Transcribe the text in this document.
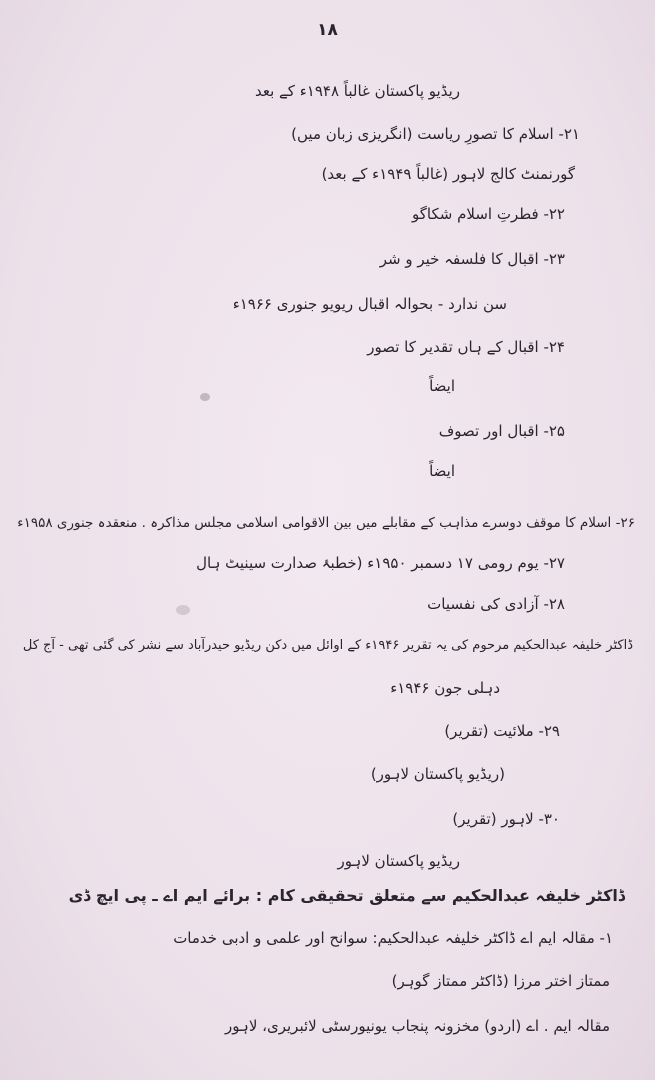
۱۸
ریڈیو پاکستان غالباً ۱۹۴۸ء کے بعد
۲۱- اسلام کا تصورِ ریاست (انگریزی زبان میں)
گورنمنٹ کالج لاہور (غالباً ۱۹۴۹ء کے بعد)
۲۲- فطرتِ اسلام شکاگو
۲۳- اقبال کا فلسفہ خیر و شر
سن ندارد - بحوالہ اقبال ریویو جنوری ۱۹۶۶ء
۲۴- اقبال کے ہاں تقدیر کا تصور
ایضاً
۲۵- اقبال اور تصوف
ایضاً
۲۶- اسلام کا موقف دوسرے مذاہب کے مقابلے میں بین الاقوامی اسلامی مجلس مذاکرہ . منعقدہ جنوری ۱۹۵۸ء
۲۷- یوم رومی ۱۷ دسمبر ۱۹۵۰ء (خطبۂ صدارت سینیٹ ہال
۲۸- آزادی کی نفسیات
ڈاکٹر خلیفہ عبدالحکیم مرحوم کی یہ تقریر ۱۹۴۶ء کے اوائل میں دکن ریڈیو حیدرآباد سے نشر کی گئی تھی - آج کل
دہلی جون ۱۹۴۶ء
۲۹- ملائیت (تقریر)
(ریڈیو پاکستان لاہور)
۳۰- لاہور (تقریر)
ریڈیو پاکستان لاہور
ڈاکٹر خلیفہ عبدالحکیم سے متعلق تحقیقی کام : برائے ایم اے ـ پی ایچ ڈی
۱- مقالہ ایم اے ڈاکٹر خلیفہ عبدالحکیم: سوانح اور علمی و ادبی خدمات
ممتاز اختر مرزا (ڈاکٹر ممتاز گوہر)
مقالہ ایم . اے (اردو) مخزونہ پنجاب یونیورسٹی لائبریری، لاہور
